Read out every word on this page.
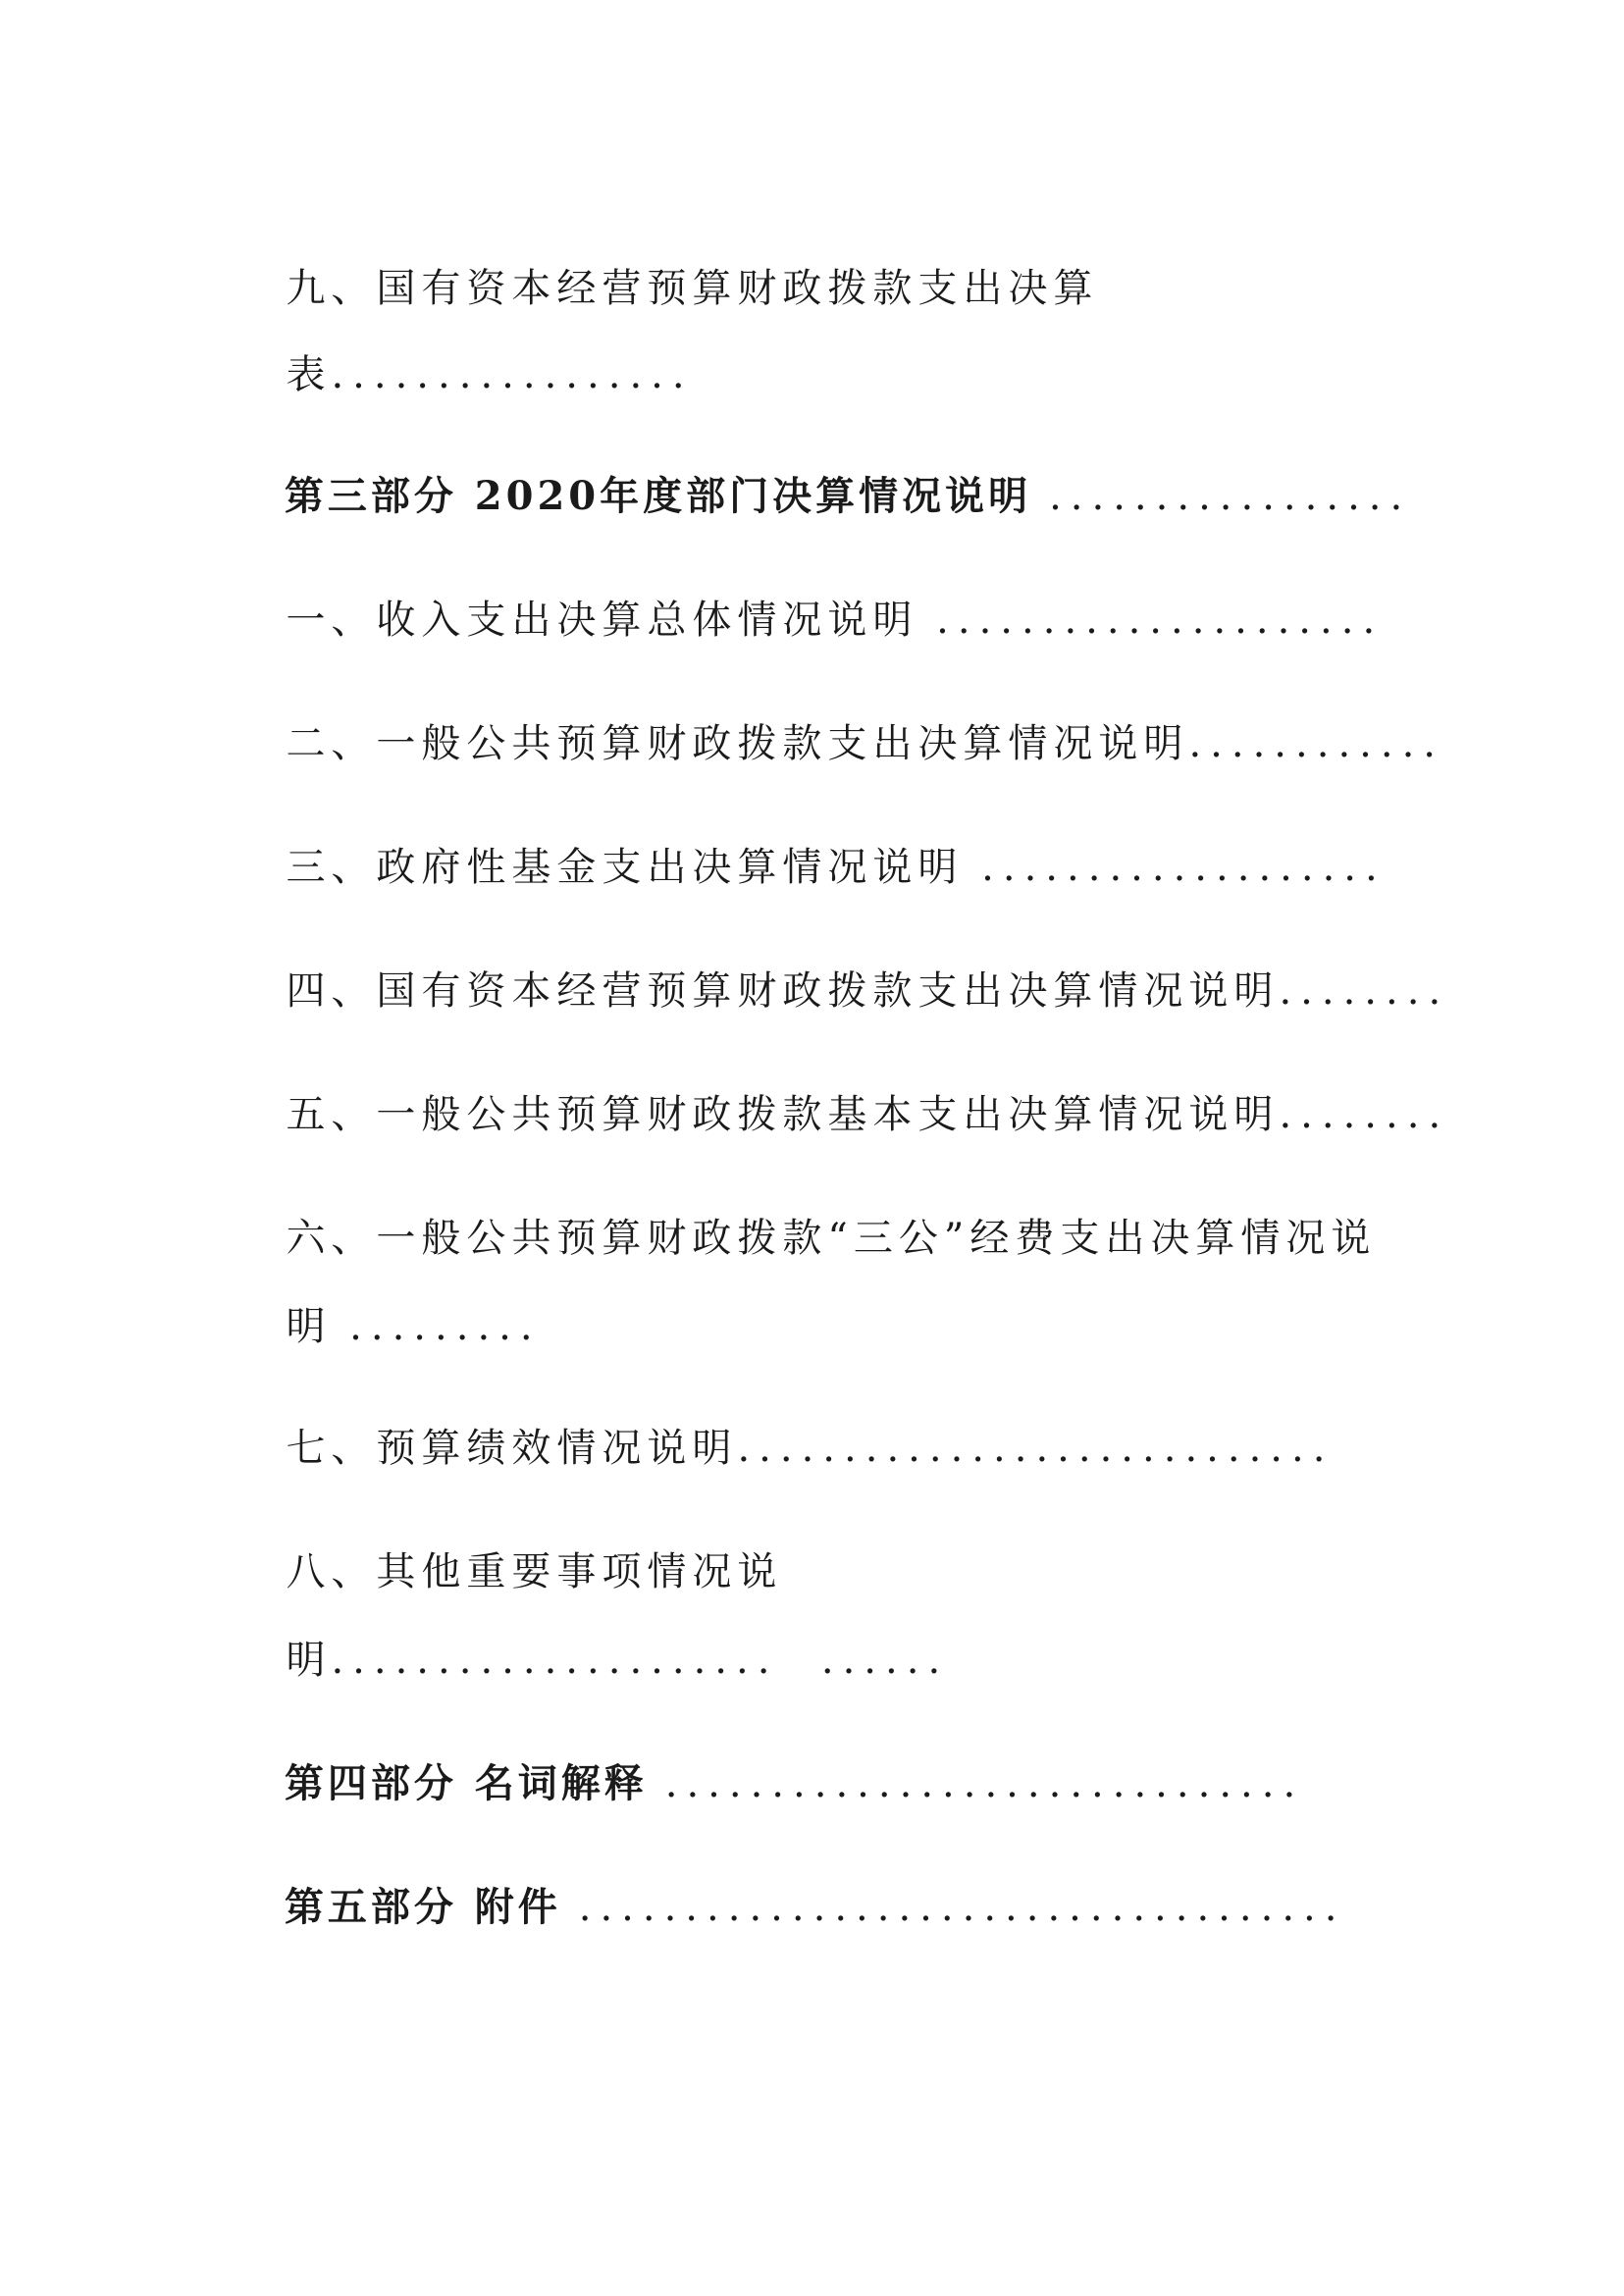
九、国有资本经营预算财政拨款支出决算

表.................

第三部分 2020年度部门决算情况说明 .................

一、收入支出决算总体情况说明 .....................

二、一般公共预算财政拨款支出决算情况说明............

三、政府性基金支出决算情况说明 ...................

四、国有资本经营预算财政拨款支出决算情况说明........

五、一般公共预算财政拨款基本支出决算情况说明........

六、一般公共预算财政拨款“三公”经费支出决算情况说

明 .........

七、预算绩效情况说明............................

八、其他重要事项情况说

明.....................  ......

第四部分 名词解释 ..............................

第五部分 附件 ....................................
